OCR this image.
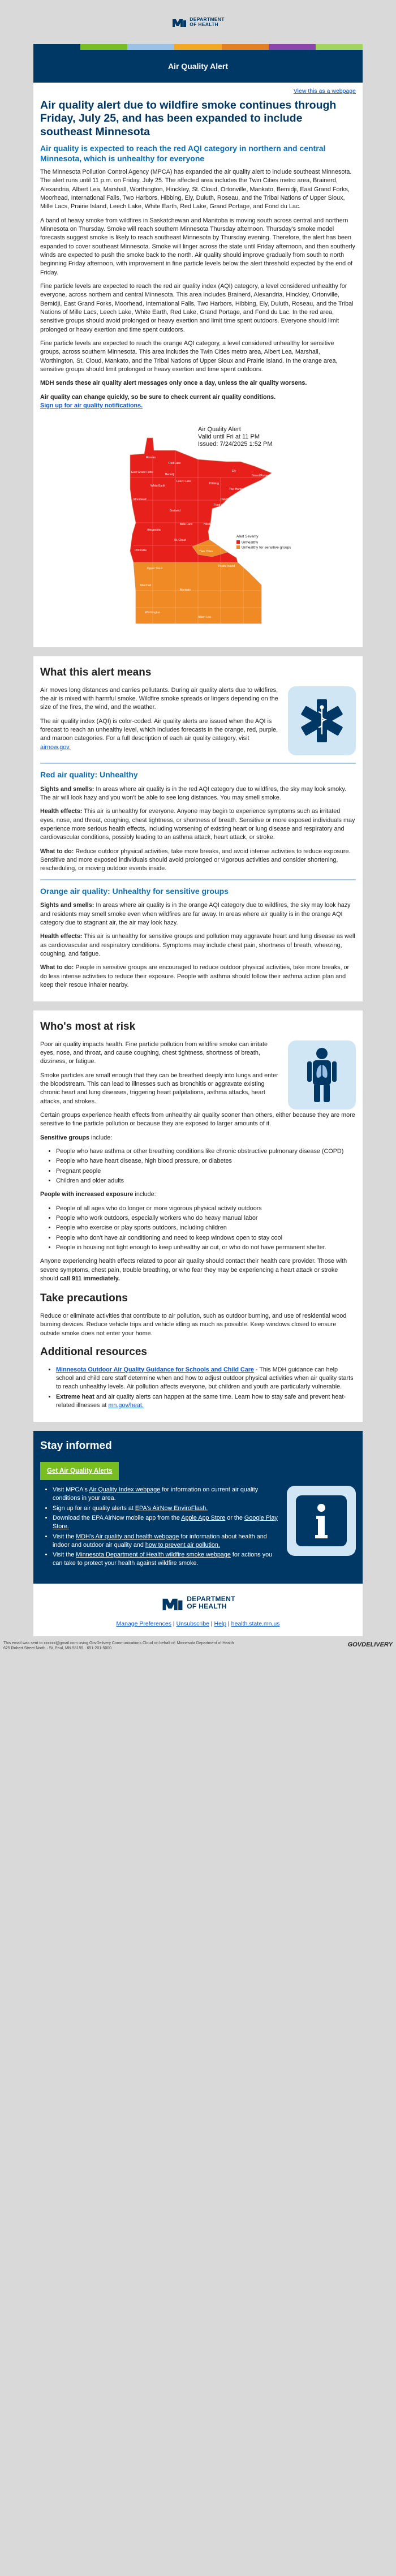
DEPARTMENT
OF HEALTH
Air Quality Alert
View this as a webpage
Air quality alert due to wildfire smoke continues through Friday, July 25, and has been expanded to include southeast Minnesota
Air quality is expected to reach the red AQI category in northern and central Minnesota, which is unhealthy for everyone

The Minnesota Pollution Control Agency (MPCA) has expanded the air quality alert to include southeast Minnesota. The alert runs until 11 p.m. on Friday, July 25. The affected area includes the Twin Cities metro area, Brainerd, Alexandria, Albert Lea, Marshall, Worthington, Hinckley, St. Cloud, Ortonville, Mankato, Bemidji, East Grand Forks, Moorhead, International Falls, Two Harbors, Hibbing, Ely, Duluth, Roseau, and the Tribal Nations of Upper Sioux, Mille Lacs, Prairie Island, Leech Lake, White Earth, Red Lake, Grand Portage, and Fond du Lac.

A band of heavy smoke from wildfires in Saskatchewan and Manitoba is moving south across central and northern Minnesota on Thursday. Smoke will reach southern Minnesota Thursday afternoon. Thursday's smoke model forecasts suggest smoke is likely to reach southeast Minnesota by Thursday evening. Therefore, the alert has been expanded to cover southeast Minnesota. Smoke will linger across the state until Friday afternoon, and then southerly winds are expected to push the smoke back to the north. Air quality should improve gradually from south to north beginning Friday afternoon, with improvement in fine particle levels below the alert threshold expected by the end of Friday.

Fine particle levels are expected to reach the red air quality index (AQI) category, a level considered unhealthy for everyone, across northern and central Minnesota. This area includes Brainerd, Alexandria, Hinckley, Ortonville, Bemidji, East Grand Forks, Moorhead, International Falls, Two Harbors, Hibbing, Ely, Duluth, Roseau, and the Tribal Nations of Mille Lacs, Leech Lake, White Earth, Red Lake, Grand Portage, and Fond du Lac. In the red area, sensitive groups should avoid prolonged or heavy exertion and limit time spent outdoors. Everyone should limit prolonged or heavy exertion and time spent outdoors.

Fine particle levels are expected to reach the orange AQI category, a level considered unhealthy for sensitive groups, across southern Minnesota. This area includes the Twin Cities metro area, Albert Lea, Marshall, Worthington, St. Cloud, Mankato, and the Tribal Nations of Upper Sioux and Prairie Island. In the orange area, sensitive groups should limit prolonged or heavy exertion and time spent outdoors.

MDH sends these air quality alert messages only once a day, unless the air quality worsens.

Air quality can change quickly, so be sure to check current air quality conditions.
Sign up for air quality notifications.

Roseau
Red Lake
International Falls
Bemidji
Ely
East Grand Forks
Hibbing
Leech Lake
White Earth
Grand Portage
Two Harbors
Moorhead	Duluth
Brainerd
Fond du Lac
Alexandria
Mille Lacs	Hinckley
St. Cloud
Ortonville	Twin Cities
Upper Sioux
Prairie Island
Marshall
Mankato
Worthington
Albert Lea
Air Quality Alert
Valid until Fri at 11 PM
Issued: 7/24/2025 1:52 PM
Alert Severity
Unhealthy
Unhealthy for sensitive groups
What this alert means

Air moves long distances and carries pollutants. During air quality alerts due to wildfires, the air is mixed with harmful smoke. Wildfire smoke spreads or lingers depending on the size of the fires, the wind, and the weather.

The air quality index (AQI) is color-coded. Air quality alerts are issued when the AQI is forecast to reach an unhealthy level, which includes forecasts in the orange, red, purple, and maroon categories. For a full description of each air quality category, visit airnow.gov.

Red air quality: Unhealthy

Sights and smells: In areas where air quality is in the red AQI category due to wildfires, the sky may look smoky. The air will look hazy and you won't be able to see long distances. You may smell smoke.

Health effects: This air is unhealthy for everyone. Anyone may begin to experience symptoms such as irritated eyes, nose, and throat, coughing, chest tightness, or shortness of breath. Sensitive or more exposed individuals may experience more serious health effects, including worsening of existing heart or lung disease and respiratory and cardiovascular conditions, possibly leading to an asthma attack, heart attack, or stroke.

What to do: Reduce outdoor physical activities, take more breaks, and avoid intense activities to reduce exposure. Sensitive and more exposed individuals should avoid prolonged or vigorous activities and consider shortening, rescheduling, or moving outdoor events inside.

Orange air quality: Unhealthy for sensitive groups

Sights and smells: In areas where air quality is in the orange AQI category due to wildfires, the sky may look hazy and residents may smell smoke even when wildfires are far away. In areas where air quality is in the orange AQI category due to stagnant air, the air may look hazy.

Health effects: This air is unhealthy for sensitive groups and pollution may aggravate heart and lung disease as well as cardiovascular and respiratory conditions. Symptoms may include chest pain, shortness of breath, wheezing, coughing, and fatigue.

What to do: People in sensitive groups are encouraged to reduce outdoor physical activities, take more breaks, or do less intense activities to reduce their exposure. People with asthma should follow their asthma action plan and keep their rescue inhaler nearby.

Who's most at risk

Poor air quality impacts health. Fine particle pollution from wildfire smoke can irritate eyes, nose, and throat, and cause coughing, chest tightness, shortness of breath, dizziness, or fatigue.

Smoke particles are small enough that they can be breathed deeply into lungs and enter the bloodstream. This can lead to illnesses such as bronchitis or aggravate existing chronic heart and lung diseases, triggering heart palpitations, asthma attacks, heart attacks, and strokes.

Certain groups experience health effects from unhealthy air quality sooner than others, either because they are more sensitive to fine particle pollution or because they are exposed to larger amounts of it.

Sensitive groups include:

• People who have asthma or other breathing conditions like chronic obstructive pulmonary disease (COPD)
• People who have heart disease, high blood pressure, or diabetes
• Pregnant people
• Children and older adults

People with increased exposure include:

• People of all ages who do longer or more vigorous physical activity outdoors
• People who work outdoors, especially workers who do heavy manual labor
• People who exercise or play sports outdoors, including children
• People who don't have air conditioning and need to keep windows open to stay cool
• People in housing not tight enough to keep unhealthy air out, or who do not have permanent shelter.

Anyone experiencing health effects related to poor air quality should contact their health care provider. Those with severe symptoms, chest pain, trouble breathing, or who fear they may be experiencing a heart attack or stroke should call 911 immediately.

Take precautions

Reduce or eliminate activities that contribute to air pollution, such as outdoor burning, and use of residential wood burning devices. Reduce vehicle trips and vehicle idling as much as possible. Keep windows closed to ensure outside smoke does not enter your home.

Additional resources
• Minnesota Outdoor Air Quality Guidance for Schools and Child Care - This MDH guidance can help school and child care staff determine when and how to adjust outdoor physical activities when air quality starts to reach unhealthy levels. Air pollution affects everyone, but children and youth are particularly vulnerable.
• Extreme heat and air quality alerts can happen at the same time. Learn how to stay safe and prevent heat-related illnesses at mn.gov/heat.
Stay informed
Get Air Quality Alerts
• Visit MPCA's Air Quality Index webpage for information on current air quality conditions in your area.
• Sign up for air quality alerts at EPA's AirNow EnviroFlash.
• Download the EPA AirNow mobile app from the Apple App Store or the Google Play Store.
• Visit the MDH's Air quality and health webpage for information about health and indoor and outdoor air quality and how to prevent air pollution.
• Visit the Minnesota Department of Health wildfire smoke webpage for actions you can take to protect your health against wildfire smoke.
DEPARTMENT
OF HEALTH
Manage Preferences | Unsubscribe | Help | health.state.mn.us

This email was sent to xxxxxx@gmail.com using GovDelivery Communications Cloud on behalf of: Minnesota Department of Health

625 Robert Street North · St. Paul, MN 55155 · 651-201-5000

GOVDELIVERY
